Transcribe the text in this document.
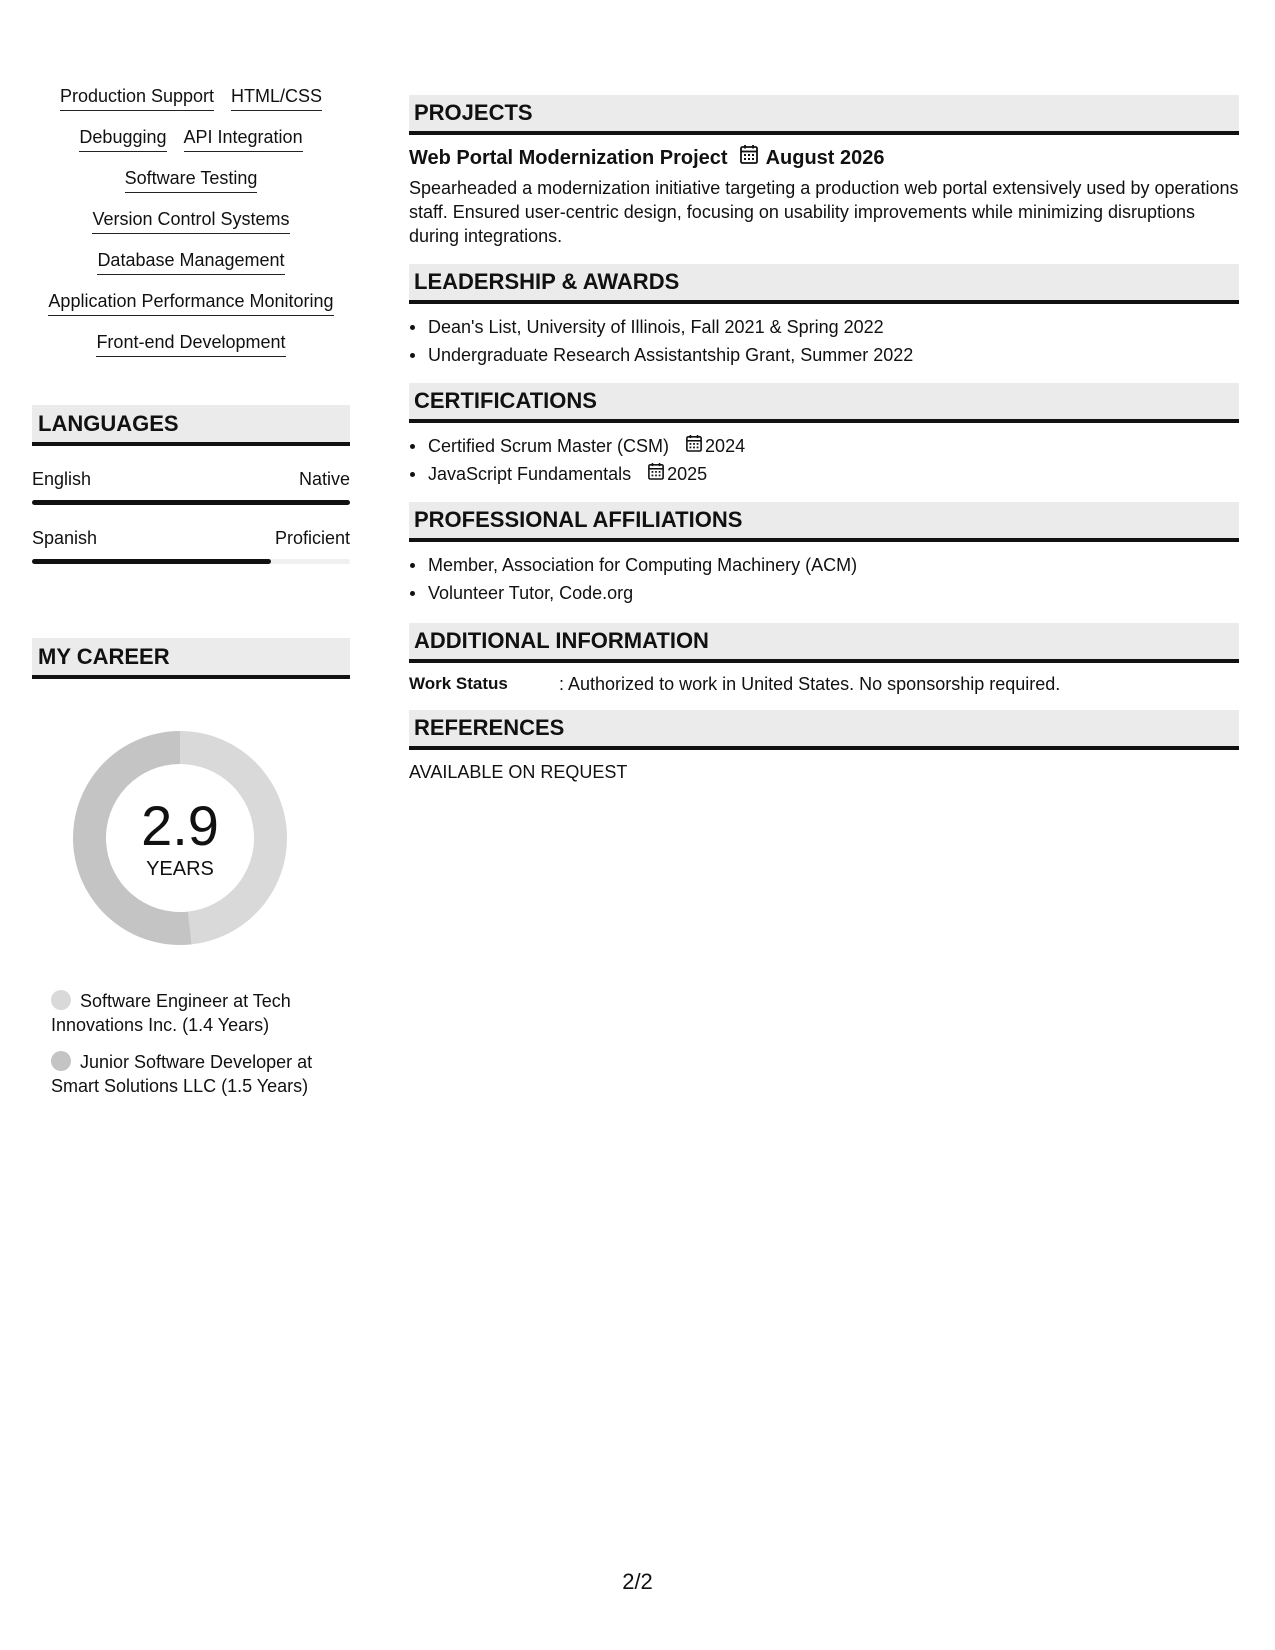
Production Support HTML/CSS
Debugging API Integration
Software Testing
Version Control Systems
Database Management
Application Performance Monitoring
Front-end Development
LANGUAGES
English	Native
Spanish	Proficient
MY CAREER
2.9
YEARS
Software Engineer at Tech Innovations Inc. (1.4 Years)
Junior Software Developer at Smart Solutions LLC (1.5 Years)
PROJECTS
Web Portal Modernization Project August 2026

Spearheaded a modernization initiative targeting a production web portal extensively used by operations staff. Ensured user-centric design, focusing on usability improvements while minimizing disruptions during integrations.

LEADERSHIP & AWARDS
Dean's List, University of Illinois, Fall 2021 & Spring 2022
Undergraduate Research Assistantship Grant, Summer 2022
CERTIFICATIONS
Certified Scrum Master (CSM) 2024
JavaScript Fundamentals 2025
PROFESSIONAL AFFILIATIONS
Member, Association for Computing Machinery (ACM)
Volunteer Tutor, Code.org
ADDITIONAL INFORMATION
Work Status	: Authorized to work in United States. No sponsorship required.
REFERENCES
AVAILABLE ON REQUEST
2/2
